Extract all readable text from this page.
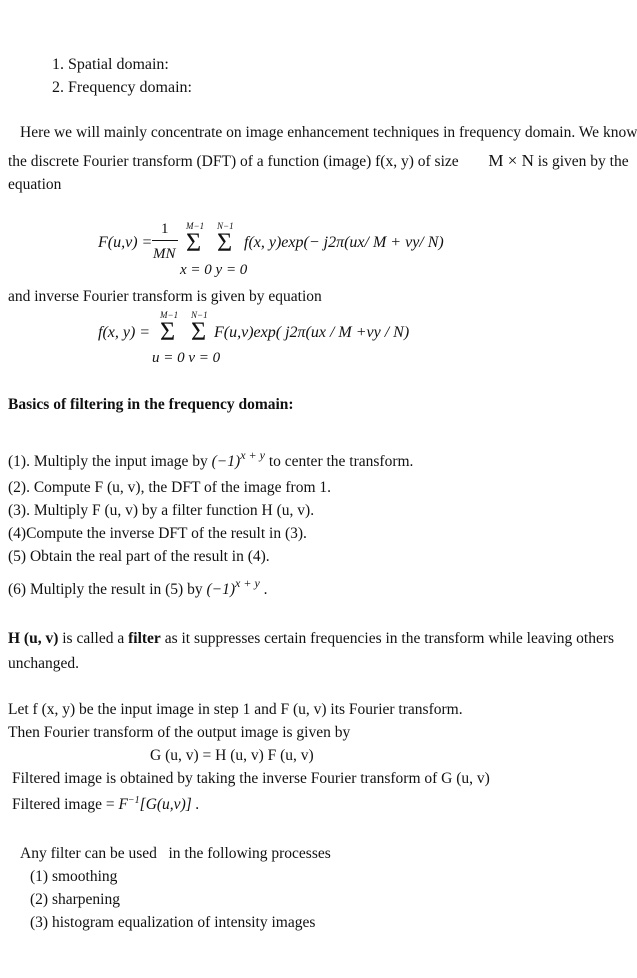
1. Spatial domain:
2. Frequency domain:
Here we will mainly concentrate on image enhancement techniques in frequency domain. We know
the discrete Fourier transform (DFT) of a function (image) f(x, y) of size M × N is given by the
equation
F(u,v) =
1
MN
M−1
Σ
N−1
Σ f(x, y)exp(− j2π(ux/ M + vy/ N)
x = 0 y = 0
and inverse Fourier transform is given by equation
f(x, y) =
M−1
Σ
N−1
Σ F(u,v)exp( j2π(ux / M +vy / N)
u = 0 v = 0
Basics of filtering in the frequency domain:
(1). Multiply the input image by $(-1)^{x + y}$ to center the transform.
(2). Compute F (u, v), the DFT of the image from 1.
(3). Multiply F (u, v) by a filter function H (u, v).
(4)Compute the inverse DFT of the result in (3).
(5) Obtain the real part of the result in (4).
(6) Multiply the result in (5) by $(-1)^{x + y}$ .
H (u, v) is called a filter as it suppresses certain frequencies in the transform while leaving others
unchanged.
Let f (x, y) be the input image in step 1 and F (u, v) its Fourier transform.
Then Fourier transform of the output image is given by
G (u, v) = H (u, v) F (u, v)
Filtered image is obtained by taking the inverse Fourier transform of G (u, v)
Filtered image = $F^{-1}[G(u,v)]$ .
Any filter can be used   in the following processes
(1) smoothing
(2) sharpening
(3) histogram equalization of intensity images
